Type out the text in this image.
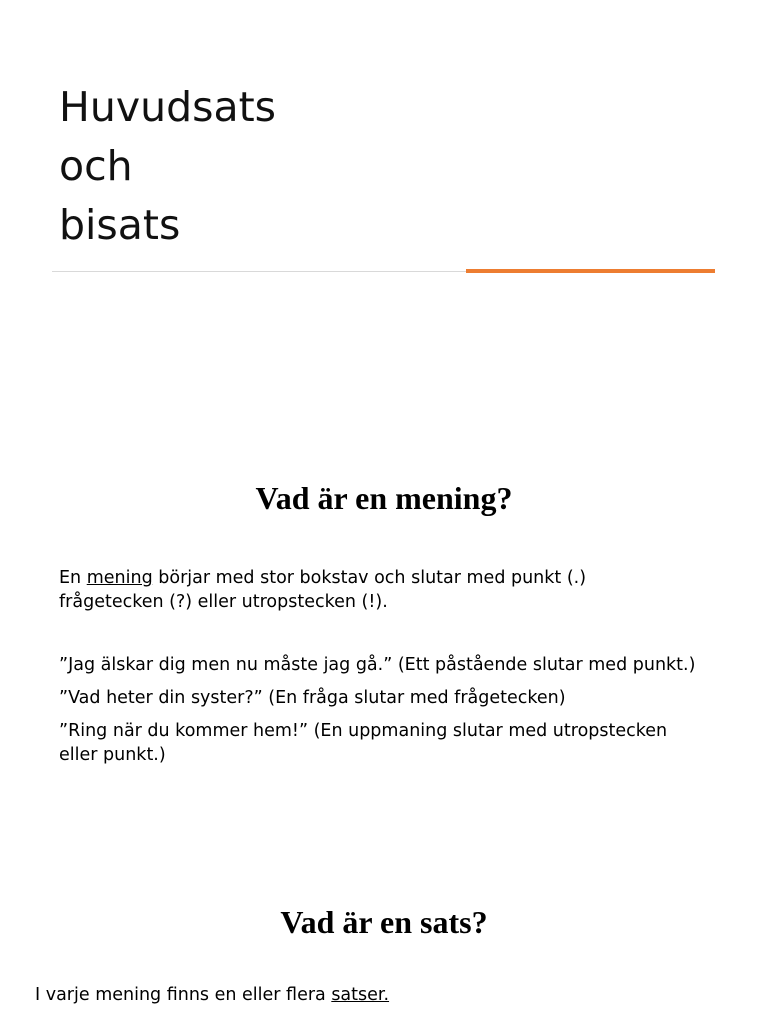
Huvudsats
och
bisats
Vad är en mening?
En mening börjar med stor bokstav och slutar med punkt (.)
frågetecken (?) eller utropstecken (!).
”Jag älskar dig men nu måste jag gå.” (Ett påstående slutar med punkt.)
”Vad heter din syster?” (En fråga slutar med frågetecken)
”Ring när du kommer hem!” (En uppmaning slutar med utropstecken
eller punkt.)
Vad är en sats?
I varje mening finns en eller flera satser.
